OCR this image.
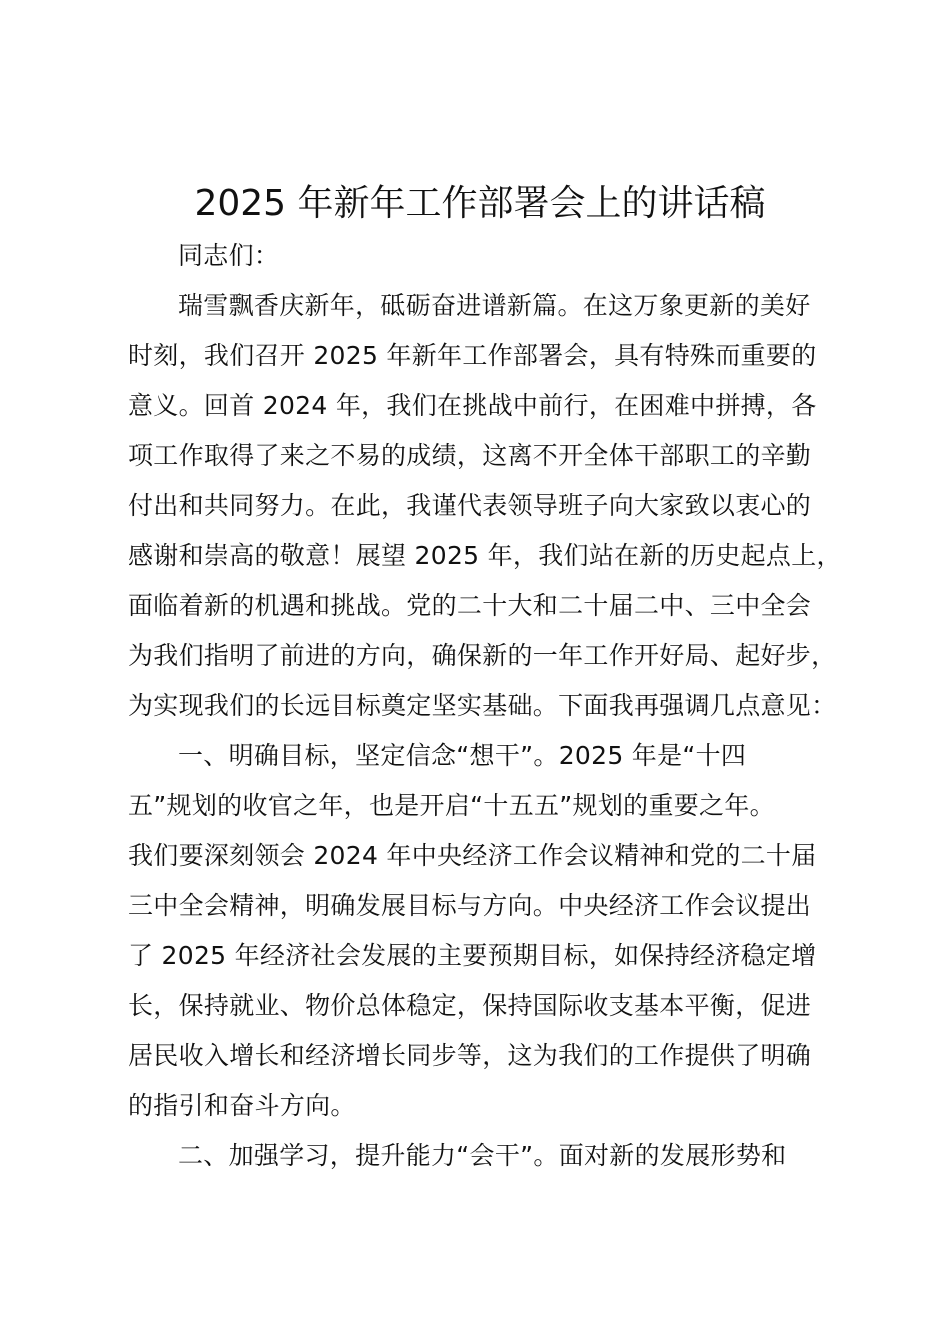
2025 年新年工作部署会上的讲话稿
同志们：
瑞雪飘香庆新年，砥砺奋进谱新篇。在这万象更新的美好
时刻，我们召开 2025 年新年工作部署会，具有特殊而重要的
意义。回首 2024 年，我们在挑战中前行，在困难中拼搏，各
项工作取得了来之不易的成绩，这离不开全体干部职工的辛勤
付出和共同努力。在此，我谨代表领导班子向大家致以衷心的
感谢和崇高的敬意！展望 2025 年，我们站在新的历史起点上，
面临着新的机遇和挑战。党的二十大和二十届二中、三中全会
为我们指明了前进的方向，确保新的一年工作开好局、起好步，
为实现我们的长远目标奠定坚实基础。下面我再强调几点意见：
一、明确目标，坚定信念“想干”。2025 年是“十四
五”规划的收官之年，也是开启“十五五”规划的重要之年。
我们要深刻领会 2024 年中央经济工作会议精神和党的二十届
三中全会精神，明确发展目标与方向。中央经济工作会议提出
了 2025 年经济社会发展的主要预期目标，如保持经济稳定增
长，保持就业、物价总体稳定，保持国际收支基本平衡，促进
居民收入增长和经济增长同步等，这为我们的工作提供了明确
的指引和奋斗方向。
二、加强学习，提升能力“会干”。面对新的发展形势和
